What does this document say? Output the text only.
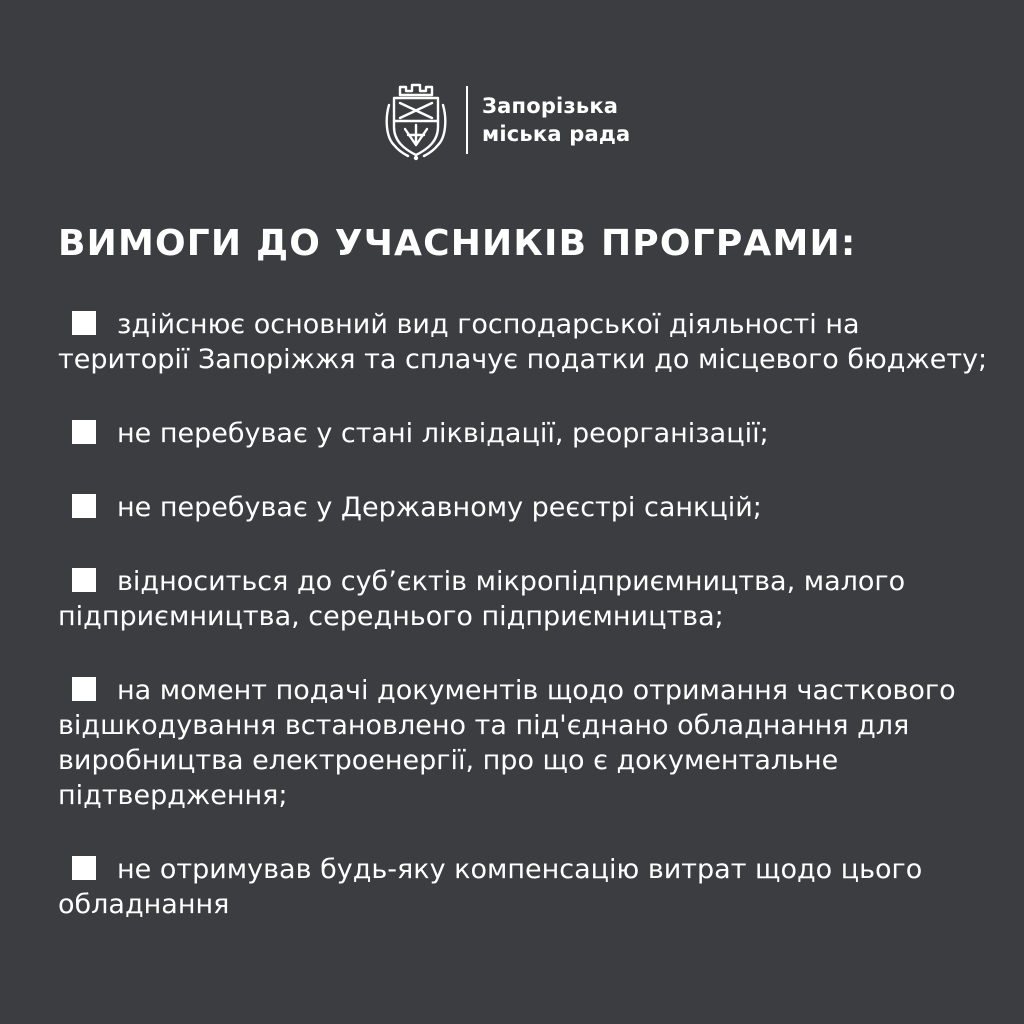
Запорізька
міська рада
ВИМОГИ ДО УЧАСНИКІВ ПРОГРАМИ:
здійснює основний вид господарської діяльності на території Запоріжжя та сплачує податки до місцевого бюджету;
не перебуває у стані ліквідації, реорганізації;
не перебуває у Державному реєстрі санкцій;
відноситься до суб’єктів мікропідприємництва, малого підприємництва, середнього підприємництва;
на момент подачі документів щодо отримання часткового відшкодування встановлено та під'єднано обладнання для виробництва електроенергії, про що є документальне підтвердження;
не отримував будь-яку компенсацію витрат щодо цього обладнання
